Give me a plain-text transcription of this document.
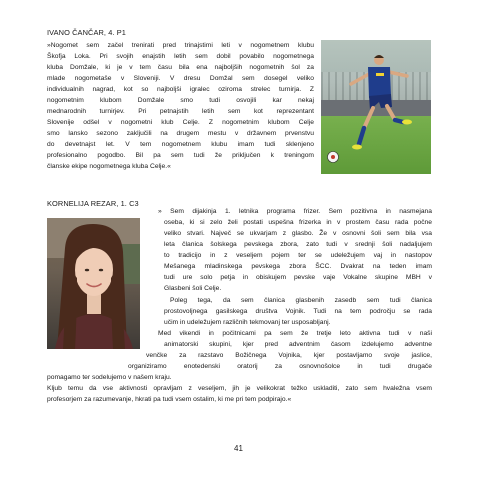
IVANO ČANČAR, 4. P1
»Nogomet sem začel trenirati pred trinajstimi leti v nogometnem klubu
Škofja Loka. Pri svojih enajstih letih sem dobil povabilo nogometnega
kluba Domžale, ki je v tem času bila ena najboljših nogometnih šol za
mlade nogometaše v Sloveniji. V dresu Domžal sem dosegel veliko
individualnih nagrad, kot so najboljši igralec oziroma strelec turnirja. Z
nogometnim klubom Domžale smo tudi osvojili kar nekaj
mednarodnih turnirjev. Pri petnajstih letih sem kot reprezentant
Slovenije odšel v nogometni klub Celje. Z nogometnim klubom Celje
smo lansko sezono zaključili na drugem mestu v državnem prvenstvu
do devetnajst let. V tem nogometnem klubu imam tudi sklenjeno
profesionalno pogodbo. Bil pa sem tudi že priključen k treningom
članske ekipe nogometnega kluba Celje.«
KORNELIJA REZAR, 1. C3
» Sem dijakinja 1. letnika programa frizer. Sem pozitivna in nasmejana
oseba, ki si zelo želi postati uspešna frizerka in v prostem času rada počne
veliko stvari. Največ se ukvarjam z glasbo. Že v osnovni šoli sem bila vsa
leta članica šolskega pevskega zbora, zato tudi v srednji šoli nadaljujem
to tradicijo in z veseljem pojem ter se udeležujem vaj in nastopov
Mešanega mladinskega pevskega zbora ŠCC. Dvakrat na teden imam
tudi ure solo petja in obiskujem pevske vaje Vokalne skupine MBH v
Glasbeni šoli Celje.
Poleg tega, da sem članica glasbenih zasedb sem tudi članica
prostovoljnega gasilskega društva Vojnik. Tudi na tem področju se rada
učim in udeležujem različnih tekmovanj ter usposabljanj.
Med vikendi in počitnicami pa sem že tretje leto aktivna tudi v naši
animatorski skupini, kjer pred adventnim časom izdelujemo adventne
venčke za razstavo Božičnega Vojnika, kjer postavljamo svoje jaslice,
organiziramo enotedenski oratorij za osnovnošolce in tudi drugače
pomagamo ter sodelujemo v našem kraju.
Kljub temu da vse aktivnosti opravljam z veseljem, jih je velikokrat težko uskladiti, zato sem hvaležna vsem
profesorjem za razumevanje, hkrati pa tudi vsem ostalim, ki me pri tem podpirajo.«
41
